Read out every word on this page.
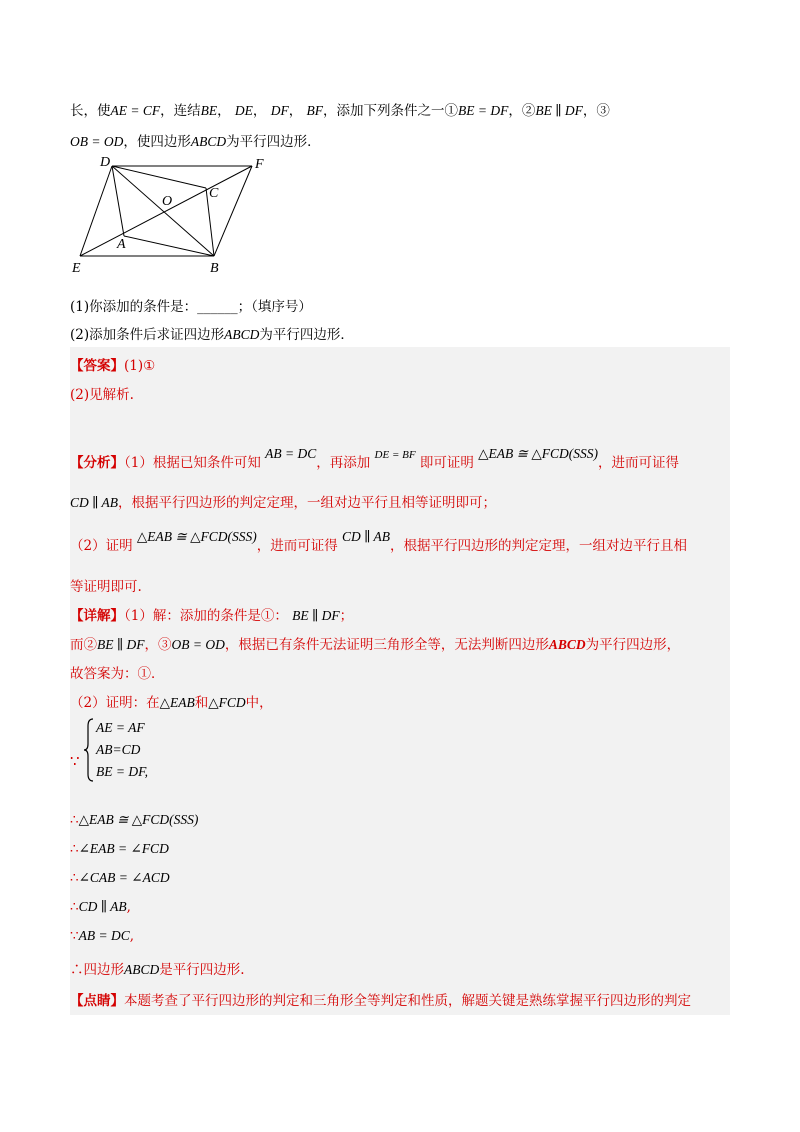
长，使AE = CF，连结BE， DE， DF， BF，添加下列条件之一①BE = DF，②BE ∥ DF，③
OB = OD，使四边形ABCD为平行四边形．
D	F
O
C
A
E	B
(1)你添加的条件是：______；（填序号）
(2)添加条件后求证四边形ABCD为平行四边形．
【答案】(1)①
(2)见解析.
【分析】（1）根据已知条件可知 AB = DC，再添加 $^{DE = BF}$ 即可证明 △EAB ≅ △FCD(SSS)，进而可证得
CD ∥ AB，根据平行四边形的判定定理，一组对边平行且相等证明即可；
（2）证明 △EAB ≅ △FCD(SSS)，进而可证得 CD ∥ AB，根据平行四边形的判定定理，一组对边平行且相
等证明即可.
【详解】（1）解：添加的条件是①： BE ∥ DF；
而②BE ∥ DF，③OB = OD，根据已有条件无法证明三角形全等，无法判断四边形ABCD为平行四边形，
故答案为：①．
（2）证明：在△EAB和△FCD中，
∵
AE = AF
AB=CD
BE = DF,
∴△EAB ≅ △FCD(SSS)
∴∠EAB = ∠FCD
∴∠CAB = ∠ACD
∴CD ∥ AB,
∵AB = DC,
∴四边形ABCD是平行四边形.
【点睛】本题考查了平行四边形的判定和三角形全等判定和性质，解题关键是熟练掌握平行四边形的判定
